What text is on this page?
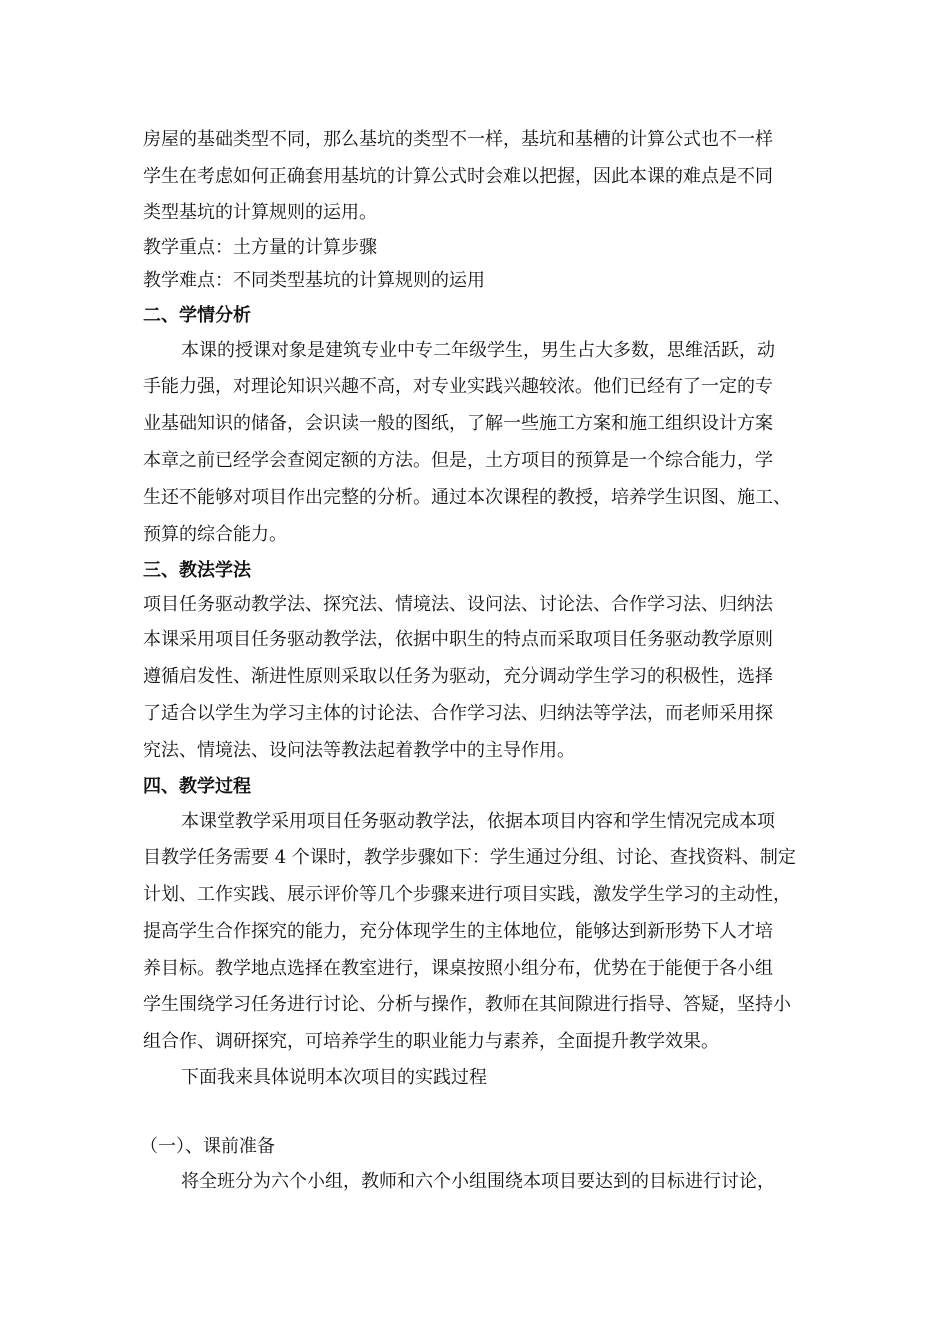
房屋的基础类型不同，那么基坑的类型不一样，基坑和基槽的计算公式也不一样
学生在考虑如何正确套用基坑的计算公式时会难以把握，因此本课的难点是不同
类型基坑的计算规则的运用。
教学重点：土方量的计算步骤
教学难点：不同类型基坑的计算规则的运用
二、学情分析
本课的授课对象是建筑专业中专二年级学生，男生占大多数，思维活跃，动
手能力强，对理论知识兴趣不高，对专业实践兴趣较浓。他们已经有了一定的专
业基础知识的储备，会识读一般的图纸，了解一些施工方案和施工组织设计方案
本章之前已经学会查阅定额的方法。但是，土方项目的预算是一个综合能力，学
生还不能够对项目作出完整的分析。通过本次课程的教授，培养学生识图、施工、
预算的综合能力。
三、教法学法
项目任务驱动教学法、探究法、情境法、设问法、讨论法、合作学习法、归纳法
本课采用项目任务驱动教学法，依据中职生的特点而采取项目任务驱动教学原则
遵循启发性、渐进性原则采取以任务为驱动，充分调动学生学习的积极性，选择
了适合以学生为学习主体的讨论法、合作学习法、归纳法等学法，而老师采用探
究法、情境法、设问法等教法起着教学中的主导作用。
四、教学过程
本课堂教学采用项目任务驱动教学法，依据本项目内容和学生情况完成本项
目教学任务需要 4 个课时，教学步骤如下：学生通过分组、讨论、查找资料、制定
计划、工作实践、展示评价等几个步骤来进行项目实践，激发学生学习的主动性，
提高学生合作探究的能力，充分体现学生的主体地位，能够达到新形势下人才培
养目标。教学地点选择在教室进行，课桌按照小组分布，优势在于能便于各小组
学生围绕学习任务进行讨论、分析与操作，教师在其间隙进行指导、答疑，坚持小
组合作、调研探究，可培养学生的职业能力与素养，全面提升教学效果。
下面我来具体说明本次项目的实践过程
（一）、课前准备
将全班分为六个小组，教师和六个小组围绕本项目要达到的目标进行讨论，
